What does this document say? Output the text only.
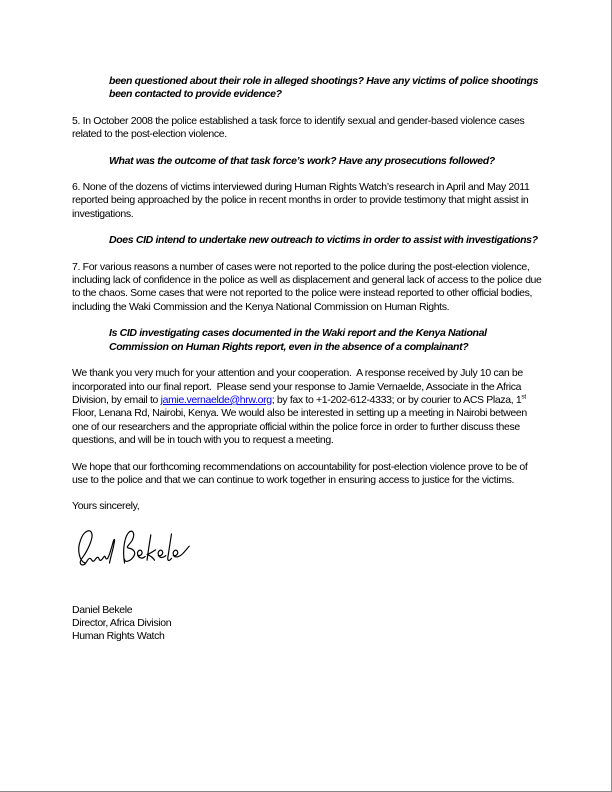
been questioned about their role in alleged shootings? Have any victims of police shootings been contacted to provide evidence?

5. In October 2008 the police established a task force to identify sexual and gender-based violence cases related to the post-election violence.

What was the outcome of that task force’s work? Have any prosecutions followed?

6. None of the dozens of victims interviewed during Human Rights Watch’s research in April and May 2011 reported being approached by the police in recent months in order to provide testimony that might assist in investigations.

Does CID intend to undertake new outreach to victims in order to assist with investigations?

7. For various reasons a number of cases were not reported to the police during the post-election violence, including lack of confidence in the police as well as displacement and general lack of access to the police due to the chaos. Some cases that were not reported to the police were instead reported to other official bodies, including the Waki Commission and the Kenya National Commission on Human Rights.

Is CID investigating cases documented in the Waki report and the Kenya National Commission on Human Rights report, even in the absence of a complainant?

We thank you very much for your attention and your cooperation.  A response received by July 10 can be incorporated into our final report.  Please send your response to Jamie Vernaelde, Associate in the Africa Division, by email to jamie.vernaelde@hrw.org; by fax to +1-202-612-4333; or by courier to ACS Plaza, 1st Floor, Lenana Rd, Nairobi, Kenya. We would also be interested in setting up a meeting in Nairobi between one of our researchers and the appropriate official within the police force in order to further discuss these questions, and will be in touch with you to request a meeting.

We hope that our forthcoming recommendations on accountability for post-election violence prove to be of use to the police and that we can continue to work together in ensuring access to justice for the victims.

Yours sincerely,

Daniel Bekele
Director, Africa Division
Human Rights Watch
